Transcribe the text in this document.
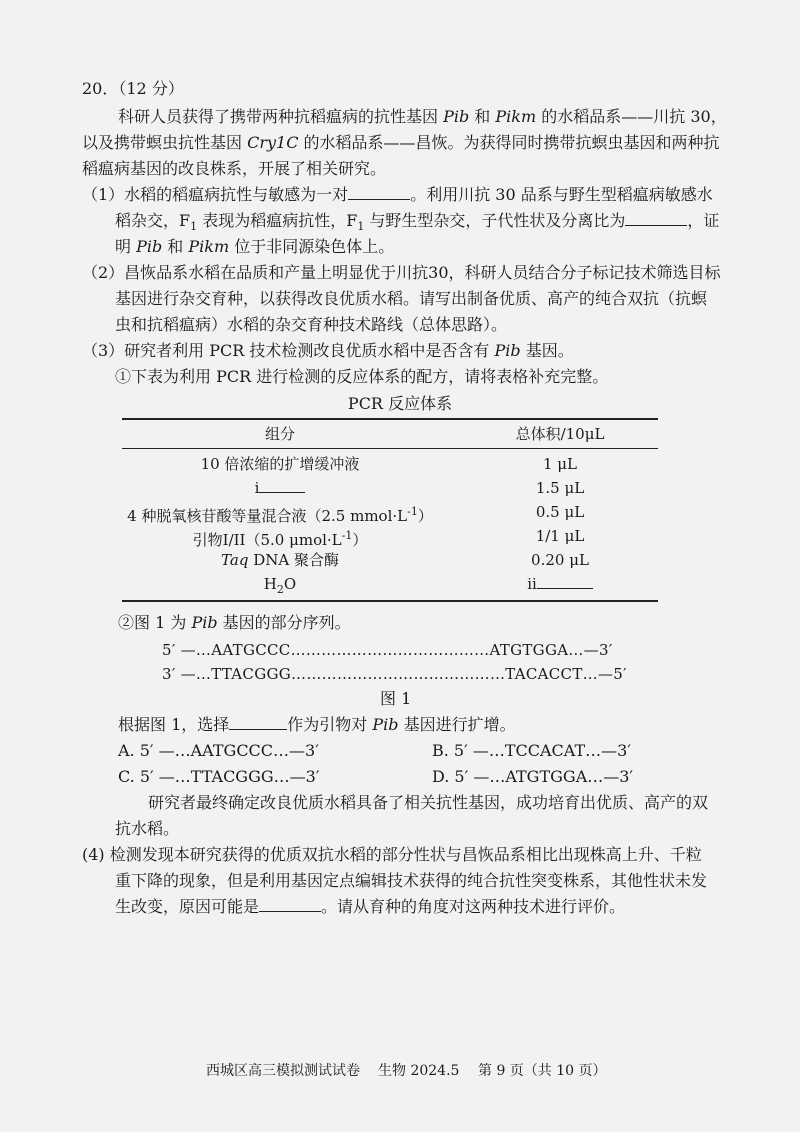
20．（12 分）
科研人员获得了携带两种抗稻瘟病的抗性基因 Pib 和 Pikm 的水稻品系——川抗 30，
以及携带螟虫抗性基因 Cry1C 的水稻品系——昌恢。为获得同时携带抗螟虫基因和两种抗
稻瘟病基因的改良株系，开展了相关研究。
（1）水稻的稻瘟病抗性与敏感为一对	。利用川抗 30 品系与野生型稻瘟病敏感水
稻杂交，$F_1$ 表现为稻瘟病抗性，$F_1$ 与野生型杂交，子代性状及分离比为	，证
明 Pib 和 Pikm 位于非同源染色体上。
（2）昌恢品系水稻在品质和产量上明显优于川抗30，科研人员结合分子标记技术筛选目标
基因进行杂交育种，以获得改良优质水稻。请写出制备优质、高产的纯合双抗（抗螟
虫和抗稻瘟病）水稻的杂交育种技术路线（总体思路）。
（3）研究者利用 PCR 技术检测改良优质水稻中是否含有 Pib 基因。
①下表为利用 PCR 进行检测的反应体系的配方，请将表格补充完整。
PCR 反应体系
组分	总体积/10μL
10 倍浓缩的扩增缓冲液	1 μL
i	1.5 μL
4 种脱氧核苷酸等量混合液（2.5 $mmol\cdot L^{-1}$）	0.5 μL
引物I/II（5.0 $\mu mol\cdot L^{-1}$）	1/1 μL
Taq DNA 聚合酶	0.20 μL
$H_2O$	ii
②图 1 为 Pib 基因的部分序列。
5′ —…AATGCCC…………………………………ATGTGGA…—3′
3′ —…TTACGGG……………………………………TACACCT…—5′
图 1
根据图 1，选择	作为引物对 Pib 基因进行扩增。
A. 5′ —…AATGCCC…—3′	B. 5′ —…TCCACAT…—3′
C. 5′ —…TTACGGG…—3′	D. 5′ —…ATGTGGA…—3′
研究者最终确定改良优质水稻具备了相关抗性基因，成功培育出优质、高产的双
抗水稻。
(4) 检测发现本研究获得的优质双抗水稻的部分性状与昌恢品系相比出现株高上升、千粒
重下降的现象，但是利用基因定点编辑技术获得的纯合抗性突变株系，其他性状未发
生改变，原因可能是	。请从育种的角度对这两种技术进行评价。
西城区高三模拟测试试卷 生物 2024.5 第 9 页（共 10 页）
